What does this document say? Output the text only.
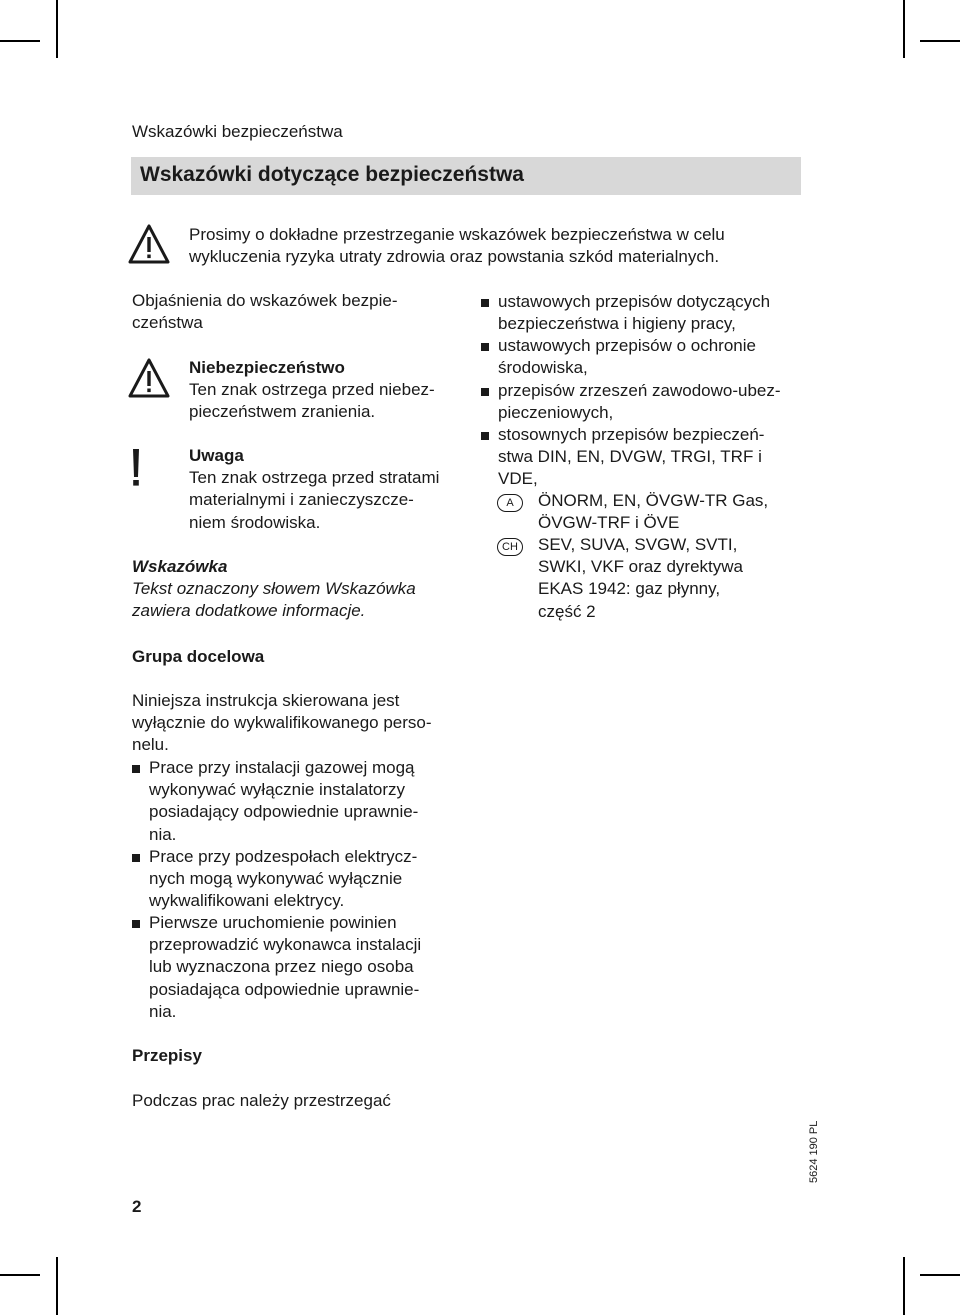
Wskazówki bezpieczeństwa
Wskazówki dotyczące bezpieczeństwa
Prosimy o dokładne przestrzeganie wskazówek bezpieczeństwa w celu
wykluczenia ryzyka utraty zdrowia oraz powstania szkód materialnych.
Objaśnienia do wskazówek bezpie-
czeństwa
Niebezpieczeństwo
Ten znak ostrzega przed niebez-
pieczeństwem zranienia.
Uwaga
Ten znak ostrzega przed stratami
materialnymi i zanieczyszcze-
niem środowiska.
Wskazówka
Tekst oznaczony słowem Wskazówka
zawiera dodatkowe informacje.
Grupa docelowa
Niniejsza instrukcja skierowana jest
wyłącznie do wykwalifikowanego perso-
nelu.
Prace przy instalacji gazowej mogą
wykonywać wyłącznie instalatorzy
posiadający odpowiednie uprawnie-
nia.
Prace przy podzespołach elektrycz-
nych mogą wykonywać wyłącznie
wykwalifikowani elektrycy.
Pierwsze uruchomienie powinien
przeprowadzić wykonawca instalacji
lub wyznaczona przez niego osoba
posiadająca odpowiednie uprawnie-
nia.
Przepisy
Podczas prac należy przestrzegać
ustawowych przepisów dotyczących
bezpieczeństwa i higieny pracy,
ustawowych przepisów o ochronie
środowiska,
przepisów zrzeszeń zawodowo-ubez-
pieczeniowych,
stosownych przepisów bezpieczeń-
stwa DIN, EN, DVGW, TRGI, TRF i
VDE,
A	ÖNORM, EN, ÖVGW-TR Gas,
ÖVGW-TRF i ÖVE
CH SEV, SUVA, SVGW, SVTI,
SWKI, VKF oraz dyrektywa
EKAS 1942: gaz płynny,
część 2
2
5624 190 PL
